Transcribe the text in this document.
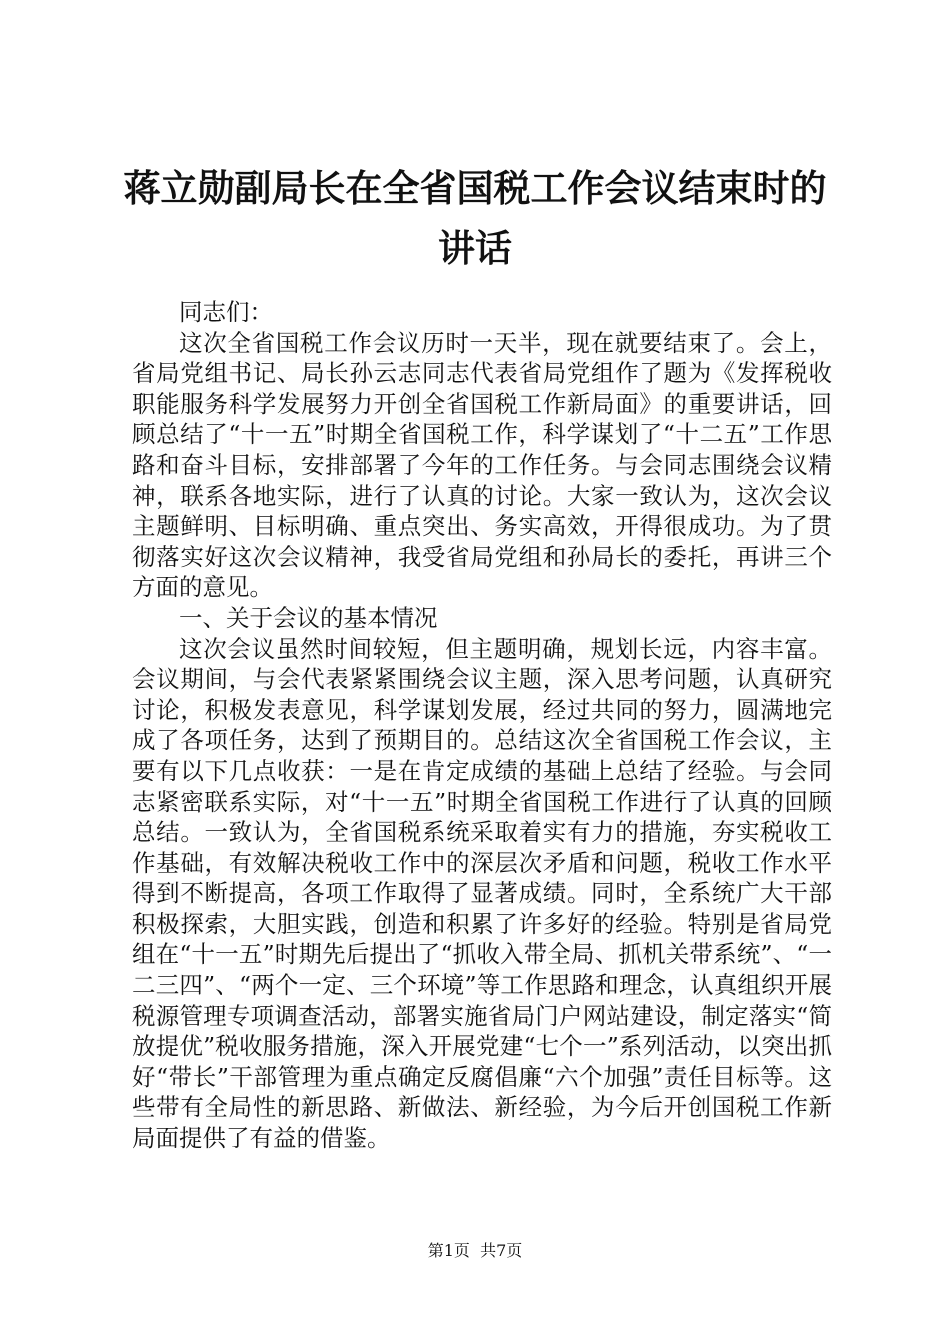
蒋立勋副局长在全省国税工作会议结束时的讲话

同志们：

这次全省国税工作会议历时一天半，现在就要结束了。会上，省局党组书记、局长孙云志同志代表省局党组作了题为《发挥税收职能服务科学发展努力开创全省国税工作新局面》的重要讲话，回顾总结了“十一五”时期全省国税工作，科学谋划了“十二五”工作思路和奋斗目标，安排部署了今年的工作任务。与会同志围绕会议精神，联系各地实际，进行了认真的讨论。大家一致认为，这次会议主题鲜明、目标明确、重点突出、务实高效，开得很成功。为了贯彻落实好这次会议精神，我受省局党组和孙局长的委托，再讲三个方面的意见。

一、关于会议的基本情况

这次会议虽然时间较短，但主题明确，规划长远，内容丰富。会议期间，与会代表紧紧围绕会议主题，深入思考问题，认真研究讨论，积极发表意见，科学谋划发展，经过共同的努力，圆满地完成了各项任务，达到了预期目的。总结这次全省国税工作会议，主要有以下几点收获：一是在肯定成绩的基础上总结了经验。与会同志紧密联系实际，对“十一五”时期全省国税工作进行了认真的回顾总结。一致认为，全省国税系统采取着实有力的措施，夯实税收工作基础，有效解决税收工作中的深层次矛盾和问题，税收工作水平得到不断提高，各项工作取得了显著成绩。同时，全系统广大干部积极探索，大胆实践，创造和积累了许多好的经验。特别是省局党组在“十一五”时期先后提出了“抓收入带全局、抓机关带系统”、“一二三四”、“两个一定、三个环境”等工作思路和理念，认真组织开展税源管理专项调查活动，部署实施省局门户网站建设，制定落实“简放提优”税收服务措施，深入开展党建“七个一”系列活动，以突出抓好“带长”干部管理为重点确定反腐倡廉“六个加强”责任目标等。这些带有全局性的新思路、新做法、新经验，为今后开创国税工作新局面提供了有益的借鉴。

第1页 共7页
